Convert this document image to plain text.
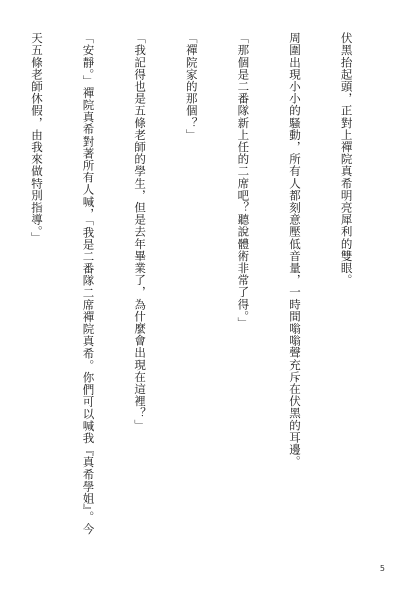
伏黑抬起頭，正對上禪院真希明亮犀利的雙眼。

周圍出現小小的騷動，所有人都刻意壓低音量，一時間嗡嗡聲充斥在伏黑的耳邊。

「那個是二番隊新上任的二席吧？聽說體術非常了得。」

「禪院家的那個？」

「我記得也是五條老師的學生，但是去年畢業了，為什麼會出現在這裡？」

「安靜。」禪院真希對著所有人喊，「我是二番隊二席禪院真希。你們可以喊我『真希學姐』。今

天五條老師休假，由我來做特別指導。」

5
